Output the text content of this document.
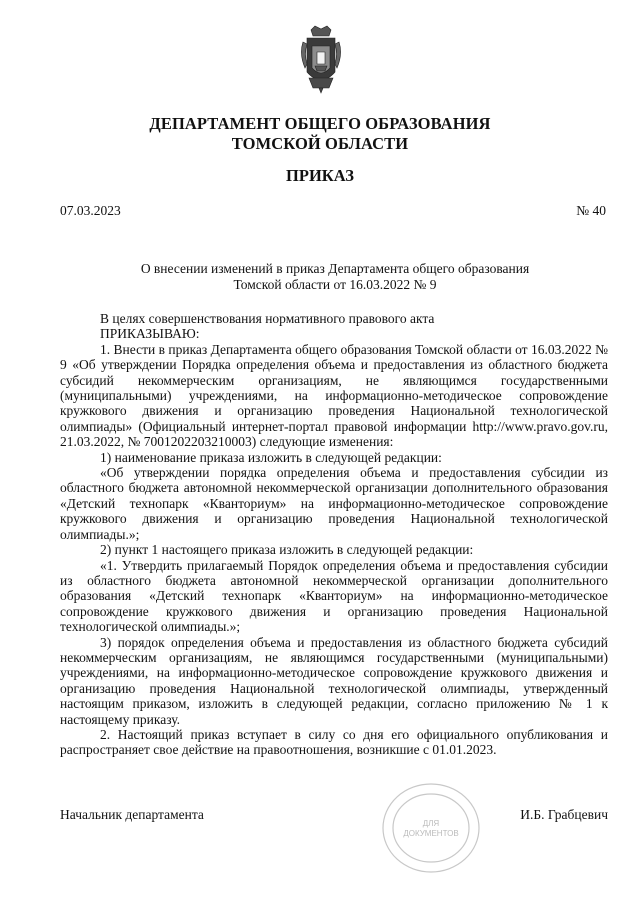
ДЕПАРТАМЕНТ ОБЩЕГО ОБРАЗОВАНИЯ
ТОМСКОЙ ОБЛАСТИ
ПРИКАЗ
07.03.2023	№ 40
О внесении изменений в приказ Департамента общего образования
Томской области от 16.03.2022 № 9

В целях совершенствования нормативного правового акта

ПРИКАЗЫВАЮ:

1. Внести в приказ Департамента общего образования Томской области от 16.03.2022 № 9 «Об утверждении Порядка определения объема и предоставления из областного бюджета субсидий некоммерческим организациям, не являющимся государственными (муниципальными) учреждениями, на информационно-методическое сопровождение кружкового движения и организацию проведения Национальной технологической олимпиады» (Официальный интернет-портал правовой информации http://www.pravo.gov.ru, 21.03.2022, № 7001202203210003) следующие изменения:

1) наименование приказа изложить в следующей редакции:

«Об утверждении порядка определения объема и предоставления субсидии из областного бюджета автономной некоммерческой организации дополнительного образования «Детский технопарк «Кванториум» на информационно-методическое сопровождение кружкового движения и организацию проведения Национальной технологической олимпиады.»;

2) пункт 1 настоящего приказа изложить в следующей редакции:

«1. Утвердить прилагаемый Порядок определения объема и предоставления субсидии из областного бюджета автономной некоммерческой организации дополнительного образования «Детский технопарк «Кванториум» на информационно-методическое сопровождение кружкового движения и организацию проведения Национальной технологической олимпиады.»;

3) порядок определения объема и предоставления из областного бюджета субсидий некоммерческим организациям, не являющимся государственными (муниципальными) учреждениями, на информационно-методическое сопровождение кружкового движения и организацию проведения Национальной технологической олимпиады, утвержденный настоящим приказом, изложить в следующей редакции, согласно приложению № 1 к настоящему приказу.

2. Настоящий приказ вступает в силу со дня его официального опубликования и распространяет свое действие на правоотношения, возникшие с 01.01.2023.

Начальник департамента	И.Б. Грабцевич
ДЛЯ
ДОКУМЕНТОВ
